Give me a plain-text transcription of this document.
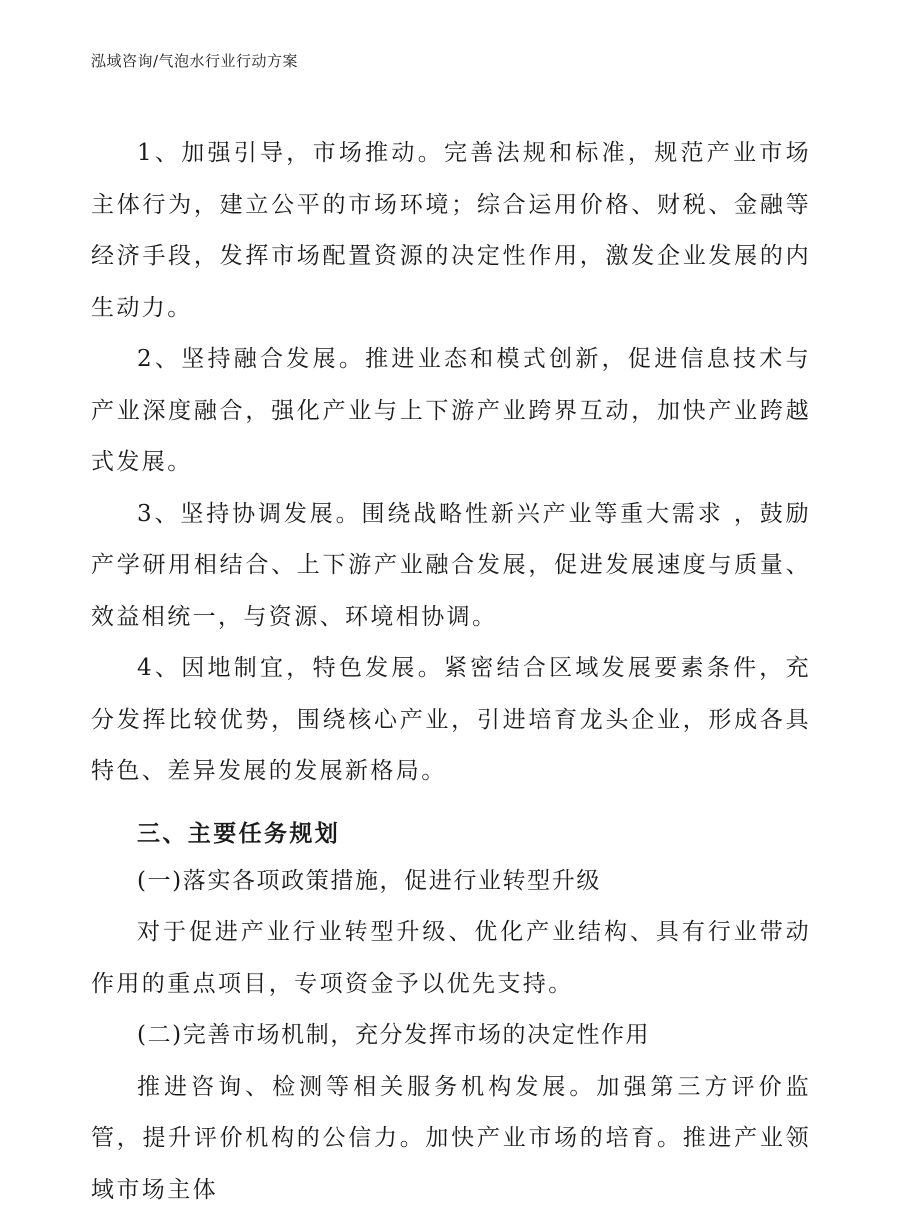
泓域咨询/气泡水行业行动方案

1、加强引导，市场推动。完善法规和标准，规范产业市场主体行为，建立公平的市场环境；综合运用价格、财税、金融等经济手段，发挥市场配置资源的决定性作用，激发企业发展的内生动力。

2、坚持融合发展。推进业态和模式创新，促进信息技术与产业深度融合，强化产业与上下游产业跨界互动，加快产业跨越式发展。

3、坚持协调发展。围绕战略性新兴产业等重大需求 ，鼓励产学研用相结合、上下游产业融合发展，促进发展速度与质量、效益相统一，与资源、环境相协调。

4、因地制宜，特色发展。紧密结合区域发展要素条件，充分发挥比较优势，围绕核心产业，引进培育龙头企业，形成各具特色、差异发展的发展新格局。

三、主要任务规划

(一)落实各项政策措施，促进行业转型升级

对于促进产业行业转型升级、优化产业结构、具有行业带动作用的重点项目，专项资金予以优先支持。

(二)完善市场机制，充分发挥市场的决定性作用

推进咨询、检测等相关服务机构发展。加强第三方评价监管，提升评价机构的公信力。加快产业市场的培育。推进产业领域市场主体
